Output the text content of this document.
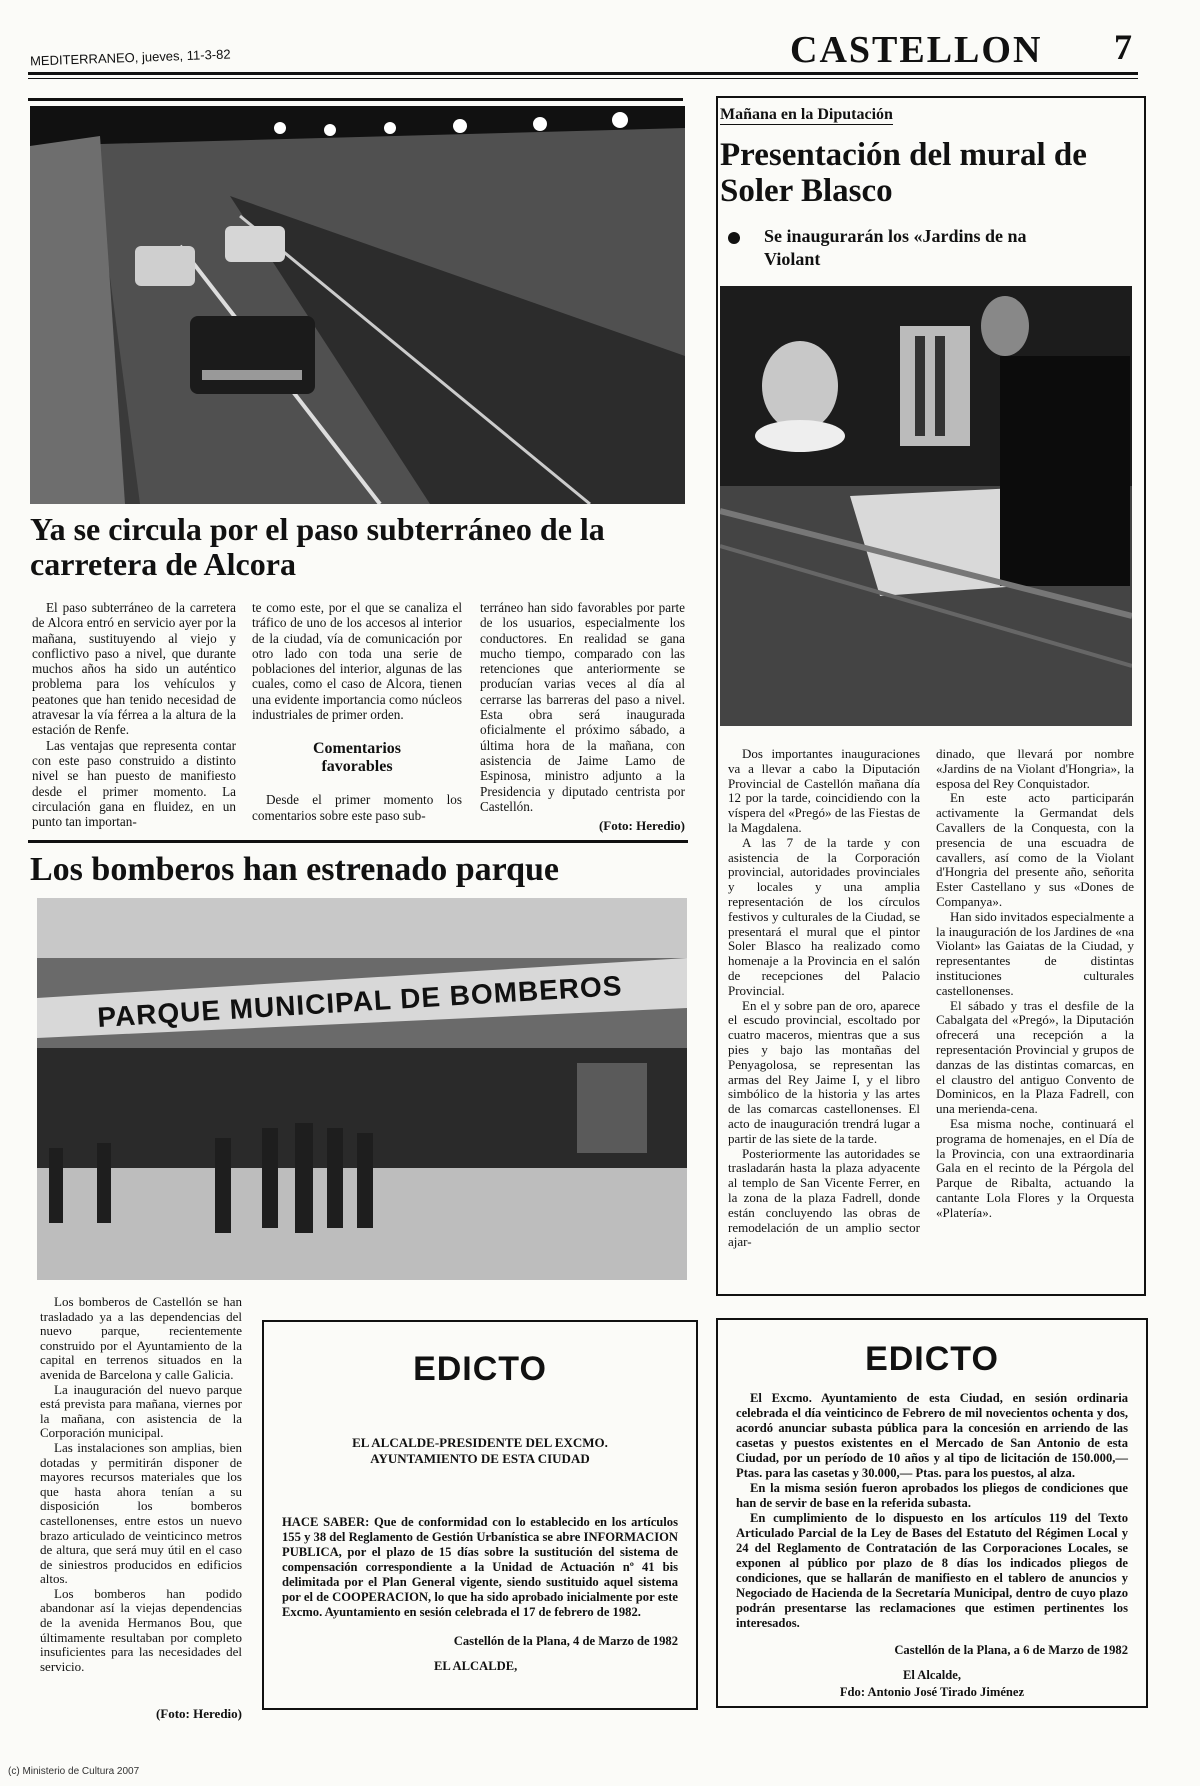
MEDITERRANEO, jueves, 11-3-82	CASTELLON 7
Ya se circula por el paso subterráneo de la carretera de Alcora

El paso subterráneo de la carretera de Alcora entró en servicio ayer por la mañana, sustituyendo al viejo y conflictivo paso a nivel, que durante muchos años ha sido un auténtico problema para los vehículos y peatones que han tenido necesidad de atravesar la vía férrea a la altura de la estación de Renfe.

Las ventajas que representa contar con este paso construido a distinto nivel se han puesto de manifiesto desde el primer momento. La circulación gana en fluidez, en un punto tan importan-

te como este, por el que se canaliza el tráfico de uno de los accesos al interior de la ciudad, vía de comunicación por otro lado con toda una serie de poblaciones del interior, algunas de las cuales, como el caso de Alcora, tienen una evidente importancia como núcleos industriales de primer orden.

Comentarios favorables

Desde el primer momento los comentarios sobre este paso sub-

terráneo han sido favorables por parte de los usuarios, especialmente los conductores. En realidad se gana mucho tiempo, comparado con las retenciones que anteriormente se producían varias veces al día al cerrarse las barreras del paso a nivel. Esta obra será inaugurada oficialmente el próximo sábado, a última hora de la mañana, con asistencia de Jaime Lamo de Espinosa, ministro adjunto a la Presidencia y diputado centrista por Castellón.

(Foto: Heredio)
Los bomberos han estrenado parque
PARQUE MUNICIPAL DE BOMBEROS

Los bomberos de Castellón se han trasladado ya a las dependencias del nuevo parque, recientemente construido por el Ayuntamiento de la capital en terrenos situados en la avenida de Barcelona y calle Galicia.

La inauguración del nuevo parque está prevista para mañana, viernes por la mañana, con asistencia de la Corporación municipal.

Las instalaciones son amplias, bien dotadas y permitirán disponer de mayores recursos materiales que los que hasta ahora tenían a su disposición los bomberos castellonenses, entre estos un nuevo brazo articulado de veinticinco metros de altura, que será muy útil en el caso de siniestros producidos en edificios altos.

Los bomberos han podido abandonar así la viejas dependencias de la avenida Hermanos Bou, que últimamente resultaban por completo insuficientes para las necesidades del servicio.

(Foto: Heredio)
Mañana en la Diputación
Presentación del mural de Soler Blasco
Se inaugurarán los «Jardins de na Violant

Dos importantes inauguraciones va a llevar a cabo la Diputación Provincial de Castellón mañana día 12 por la tarde, coincidiendo con la víspera del «Pregó» de las Fiestas de la Magdalena.

A las 7 de la tarde y con asistencia de la Corporación provincial, autoridades provinciales y locales y una amplia representación de los círculos festivos y culturales de la Ciudad, se presentará el mural que el pintor Soler Blasco ha realizado como homenaje a la Provincia en el salón de recepciones del Palacio Provincial.

En el y sobre pan de oro, aparece el escudo provincial, escoltado por cuatro maceros, mientras que a sus pies y bajo las montañas del Penyagolosa, se representan las armas del Rey Jaime I, y el libro simbólico de la historia y las artes de las comarcas castellonenses. El acto de inauguración trendrá lugar a partir de las siete de la tarde.

Posteriormente las autoridades se trasladarán hasta la plaza adyacente al templo de San Vicente Ferrer, en la zona de la plaza Fadrell, donde están concluyendo las obras de remodelación de un amplio sector ajar-

dinado, que llevará por nombre «Jardins de na Violant d'Hongria», la esposa del Rey Conquistador.

En este acto participarán activamente la Germandat dels Cavallers de la Conquesta, con la presencia de una escuadra de cavallers, así como de la Violant d'Hongria del presente año, señorita Ester Castellano y sus «Dones de Companya».

Han sido invitados especialmente a la inauguración de los Jardines de «na Violant» las Gaiatas de la Ciudad, y representantes de distintas instituciones culturales castellonenses.

El sábado y tras el desfile de la Cabalgata del «Pregó», la Diputación ofrecerá una recepción a la representación Provincial y grupos de danzas de las distintas comarcas, en el claustro del antiguo Convento de Dominicos, en la Plaza Fadrell, con una merienda-cena.

Esa misma noche, continuará el programa de homenajes, en el Día de la Provincia, con una extraordinaria Gala en el recinto de la Pérgola del Parque de Ribalta, actuando la cantante Lola Flores y la Orquesta «Platería».

EDICTO
EL ALCALDE-PRESIDENTE DEL EXCMO. AYUNTAMIENTO DE ESTA CIUDAD
HACE SABER: Que de conformidad con lo establecido en los artículos 155 y 38 del Reglamento de Gestión Urbanística se abre INFORMACION PUBLICA, por el plazo de 15 días sobre la sustitución del sistema de compensación correspondiente a la Unidad de Actuación nº 41 bis delimitada por el Plan General vigente, siendo sustituido aquel sistema por el de COOPERACION, lo que ha sido aprobado inicialmente por este Excmo. Ayuntamiento en sesión celebrada el 17 de febrero de 1982.
Castellón de la Plana, 4 de Marzo de 1982
EL ALCALDE,
EDICTO

El Excmo. Ayuntamiento de esta Ciudad, en sesión ordinaria celebrada el día veinticinco de Febrero de mil novecientos ochenta y dos, acordó anunciar subasta pública para la concesión en arriendo de las casetas y puestos existentes en el Mercado de San Antonio de esta Ciudad, por un período de 10 años y al tipo de licitación de 150.000,— Ptas. para las casetas y 30.000,— Ptas. para los puestos, al alza.

En la misma sesión fueron aprobados los pliegos de condiciones que han de servir de base en la referida subasta.

En cumplimiento de lo dispuesto en los artículos 119 del Texto Articulado Parcial de la Ley de Bases del Estatuto del Régimen Local y 24 del Reglamento de Contratación de las Corporaciones Locales, se exponen al público por plazo de 8 días los indicados pliegos de condiciones, que se hallarán de manifiesto en el tablero de anuncios y Negociado de Hacienda de la Secretaría Municipal, dentro de cuyo plazo podrán presentarse las reclamaciones que estimen pertinentes los interesados.

Castellón de la Plana, a 6 de Marzo de 1982
El Alcalde,
Fdo: Antonio José Tirado Jiménez
(c) Ministerio de Cultura 2007
